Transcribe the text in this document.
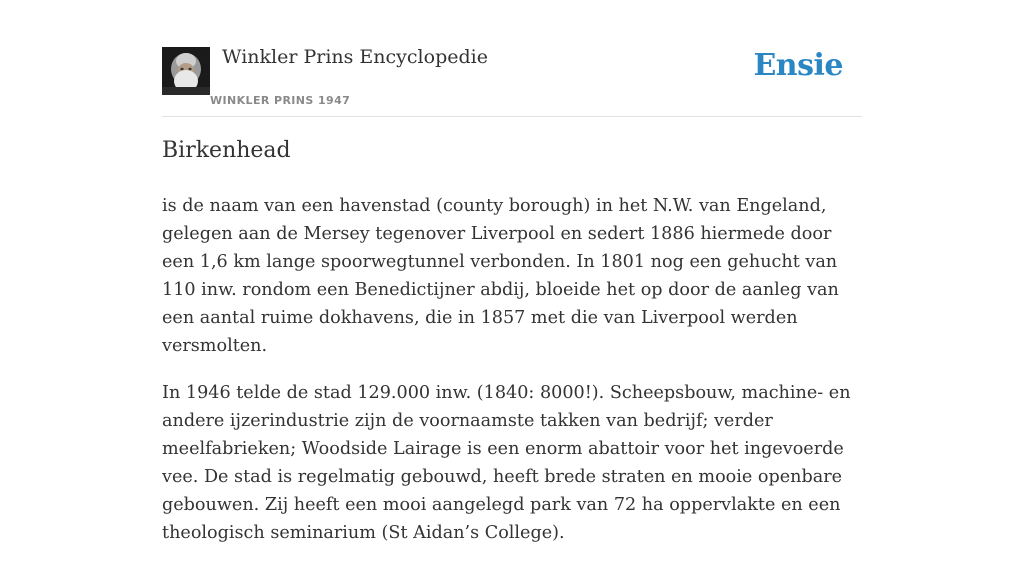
Winkler Prins Encyclopedie
WINKLER PRINS 1947
Ensie
Birkenhead

is de naam van een havenstad (county borough) in het N.W. van Engeland, gelegen aan de Mersey tegenover Liverpool en sedert 1886 hiermede door een 1,6 km lange spoorwegtunnel verbonden. In 1801 nog een gehucht van 110 inw. rondom een Benedictijner abdij, bloeide het op door de aanleg van een aantal ruime dokhavens, die in 1857 met die van Liverpool werden versmolten.

In 1946 telde de stad 129.000 inw. (1840: 8000!). Scheepsbouw, machine- en andere ijzerindustrie zijn de voornaamste takken van bedrijf; verder meelfabrieken; Woodside Lairage is een enorm abattoir voor het ingevoerde vee. De stad is regelmatig gebouwd, heeft brede straten en mooie openbare gebouwen. Zij heeft een mooi aangelegd park van 72 ha oppervlakte en een theologisch seminarium (St Aidan’s College).
